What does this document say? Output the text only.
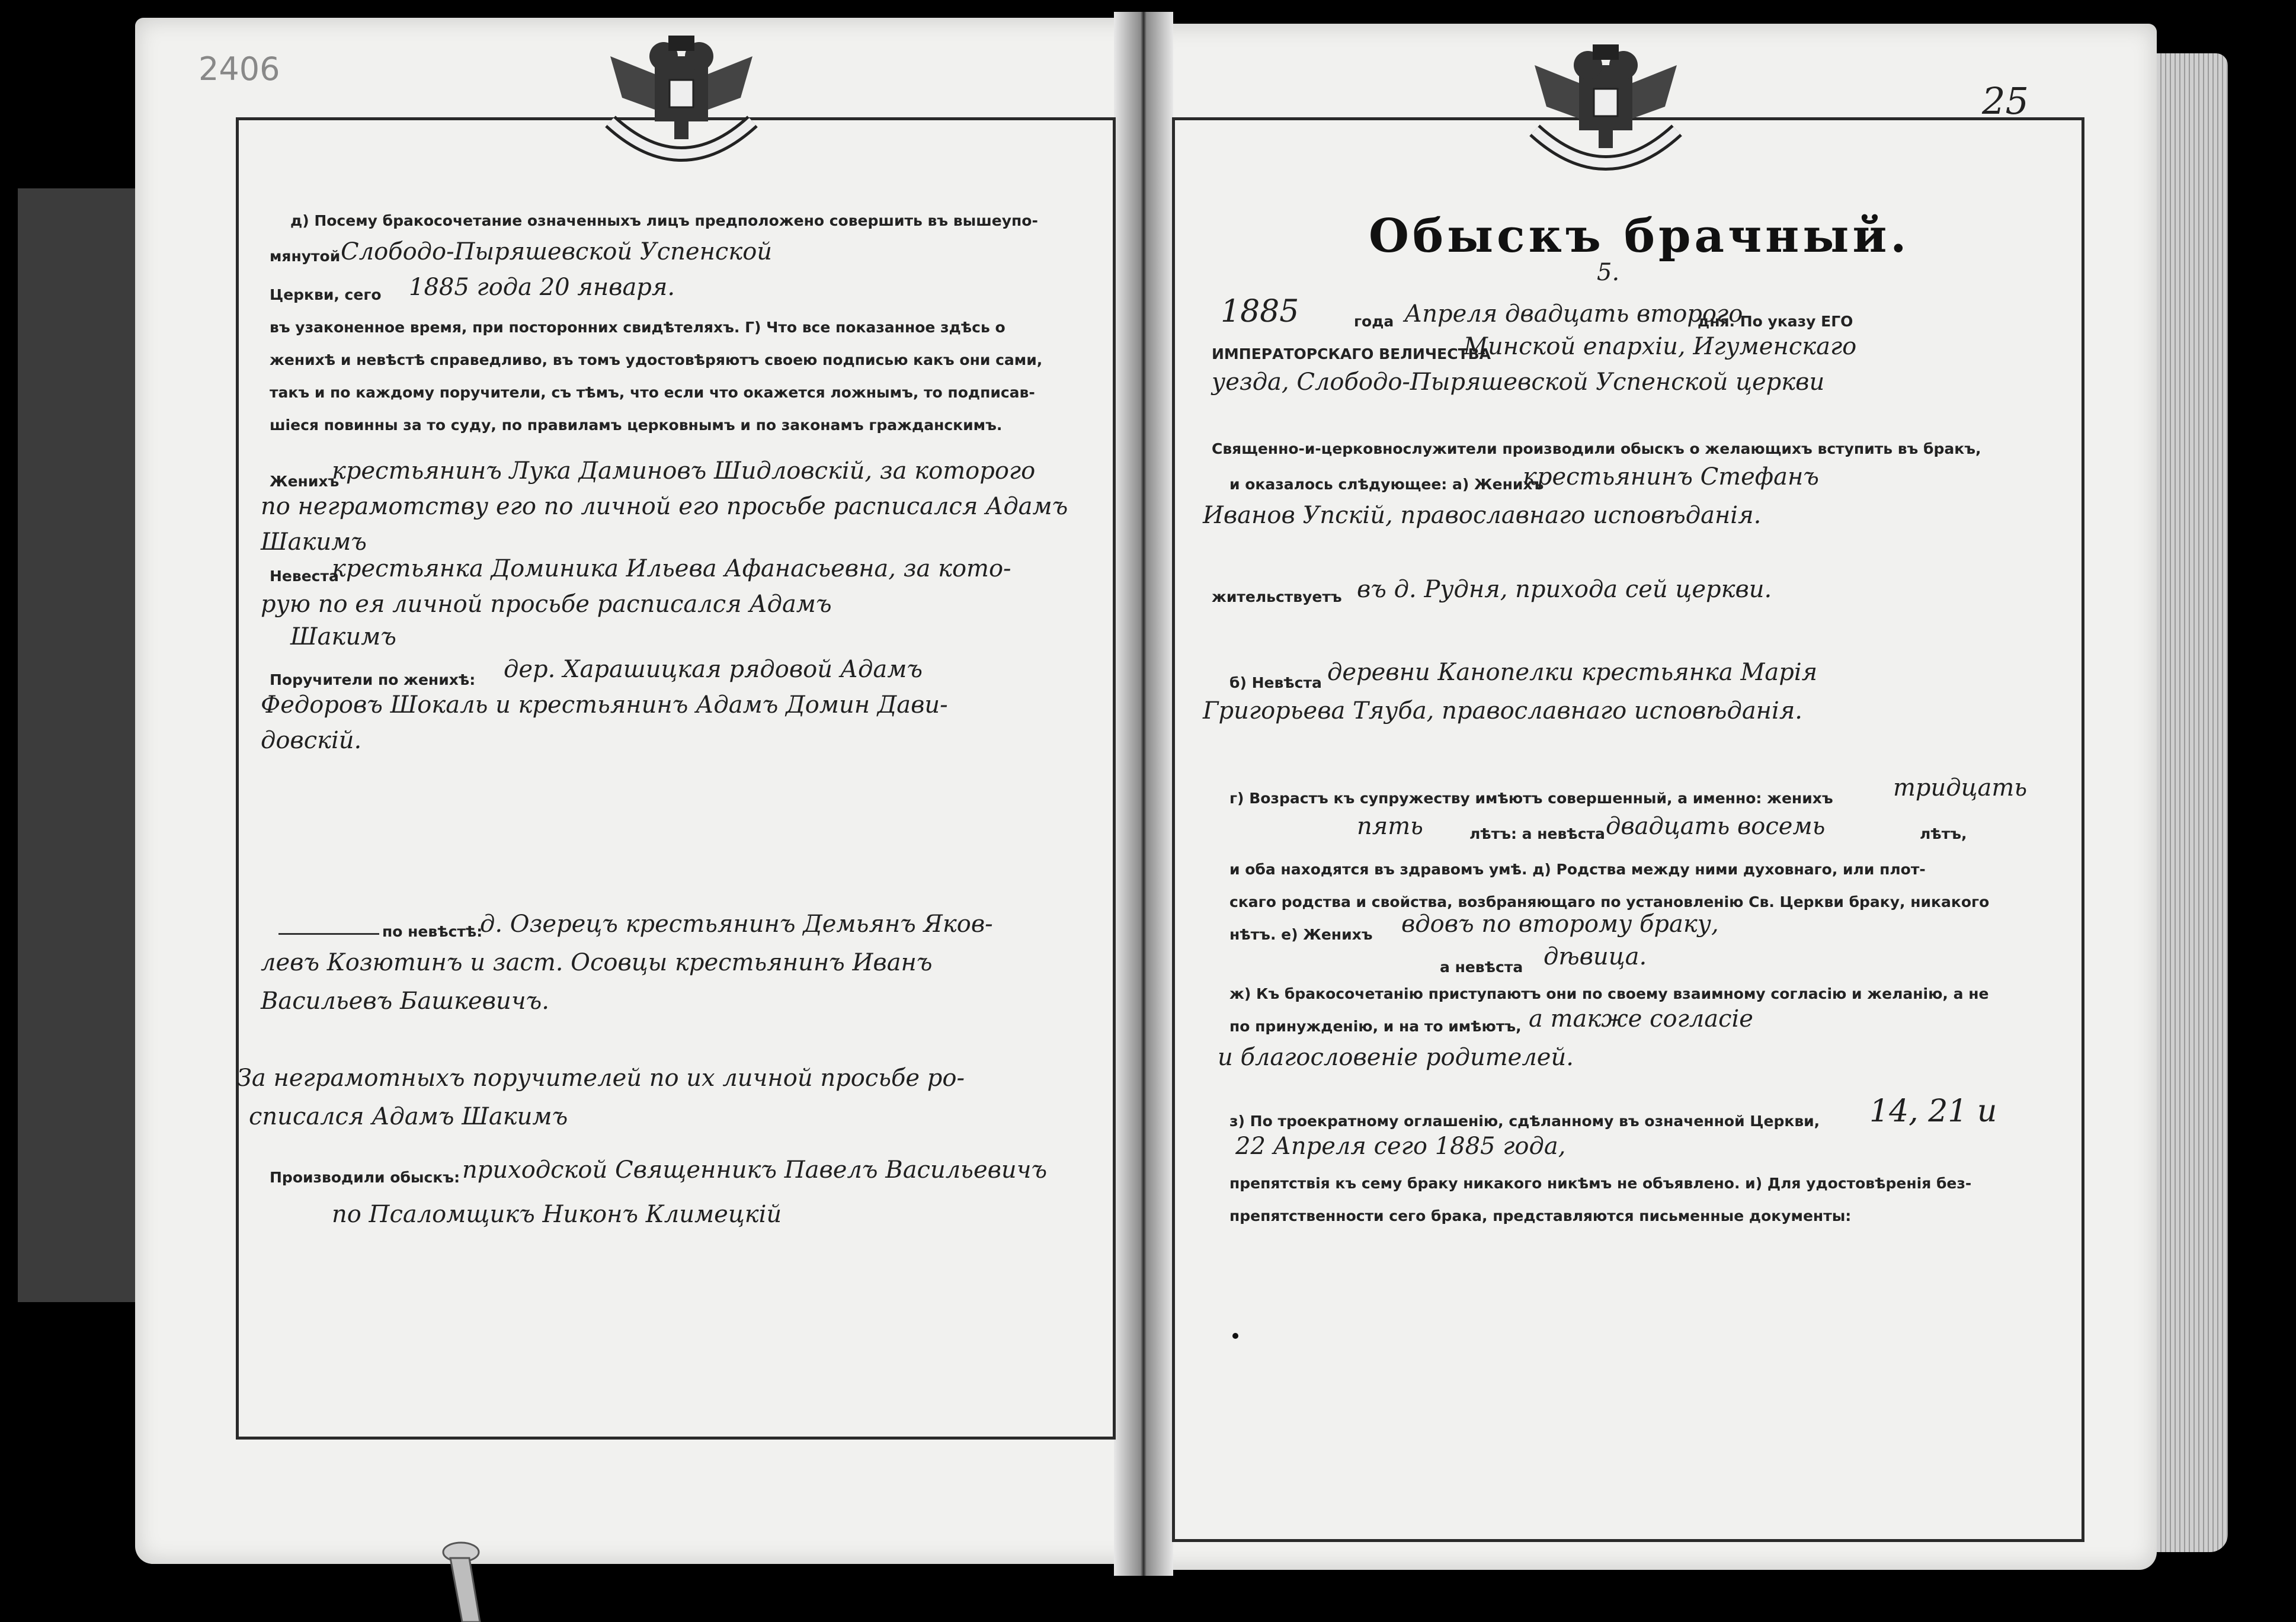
2406
д) Посему бракосочетание означенныхъ лицъ предположено совершить въ вышеупо-
мянутой Слободо-Пыряшевской Успенской
Церкви, сего 1885 года 20 января.
въ узаконенное время, при посторонних свидѣтеляхъ. Г) Что все показанное здѣсь о
женихѣ и невѣстѣ справедливо, въ томъ удостовѣряютъ своею подписью какъ они сами,
такъ и по каждому поручители, съ тѣмъ, что если что окажется ложнымъ, то подписав-
шiеся повинны за то суду, по правиламъ церковнымъ и по законамъ гражданскимъ.
Женихъ
крестьянинъ Лука Даминовъ Шидловскiй, за которого
по неграмотству его по личной его просьбе расписался Адамъ
Шакимъ
Невеста
крестьянка Доминика Ильева Афанасьевна, за кото-
рую по ея личной просьбе расписался Адамъ
Шакимъ
Поручители по женихѣ: дер. Харашицкая рядовой Адамъ
Федоровъ Шокаль и крестьянинъ Адамъ Домин Дави-
довскiй.
по невѣстѣ:
д. Озерецъ крестьянинъ Демьянъ Яков-
левъ Козютинъ и заст. Осовцы крестьянинъ Иванъ
Васильевъ Башкевичъ.
За неграмотныхъ поручителей по их личной просьбе ро-
списался Адамъ Шакимъ
Производили обыскъ: приходской Священникъ Павелъ Васильевичъ
по Псаломщикъ Никонъ Климецкiй
25
Обыскъ брачный.
5.
1885	года Апреля двадцать второго
дня. По указу ЕГО
ИМПЕРАТОРСКАГО ВЕЛИЧЕСТВА
Минской епархiи, Игуменскаго
уезда, Слободо-Пыряшевской Успенской церкви
Священно-и-церковнослужители производили обыскъ о желающихъ вступить въ бракъ,
и оказалось слѣдующее: а) Женихъ
крестьянинъ Стефанъ
Иванов Упскiй, православнаго исповѣданiя.
жительствуетъ въ д. Рудня, прихода сей церкви.
б) Невѣста деревни Канопелки крестьянка Марiя
Григорьева Тяуба, православнаго исповѣданiя.
г) Возрастъ къ супружеству имѣютъ совершенный, а именно: женихъ	тридцать
пять	лѣтъ: а невѣста двадцать восемь	лѣтъ,
и оба находятся въ здравомъ умѣ. д) Родства между ними духовнаго, или плот-
скаго родства и свойства, возбраняющаго по установленiю Св. Церкви браку, никакого
нѣтъ. е) Женихъ вдовъ по второму браку,
а невѣста дѣвица.
ж) Къ бракосочетанiю приступаютъ они по своему взаимному согласiю и желанiю, а не
по принужденiю, и на то имѣютъ, а также согласiе
и благословенiе родителей.
з) По троекратному оглашенiю, сдѣланному въ означенной Церкви, 14, 21 и
22 Апреля сего 1885 года,
препятствiя къ сему браку никакого никѣмъ не объявлено. и) Для удостовѣренiя без-
препятственности сего брака, представляются письменные документы:
